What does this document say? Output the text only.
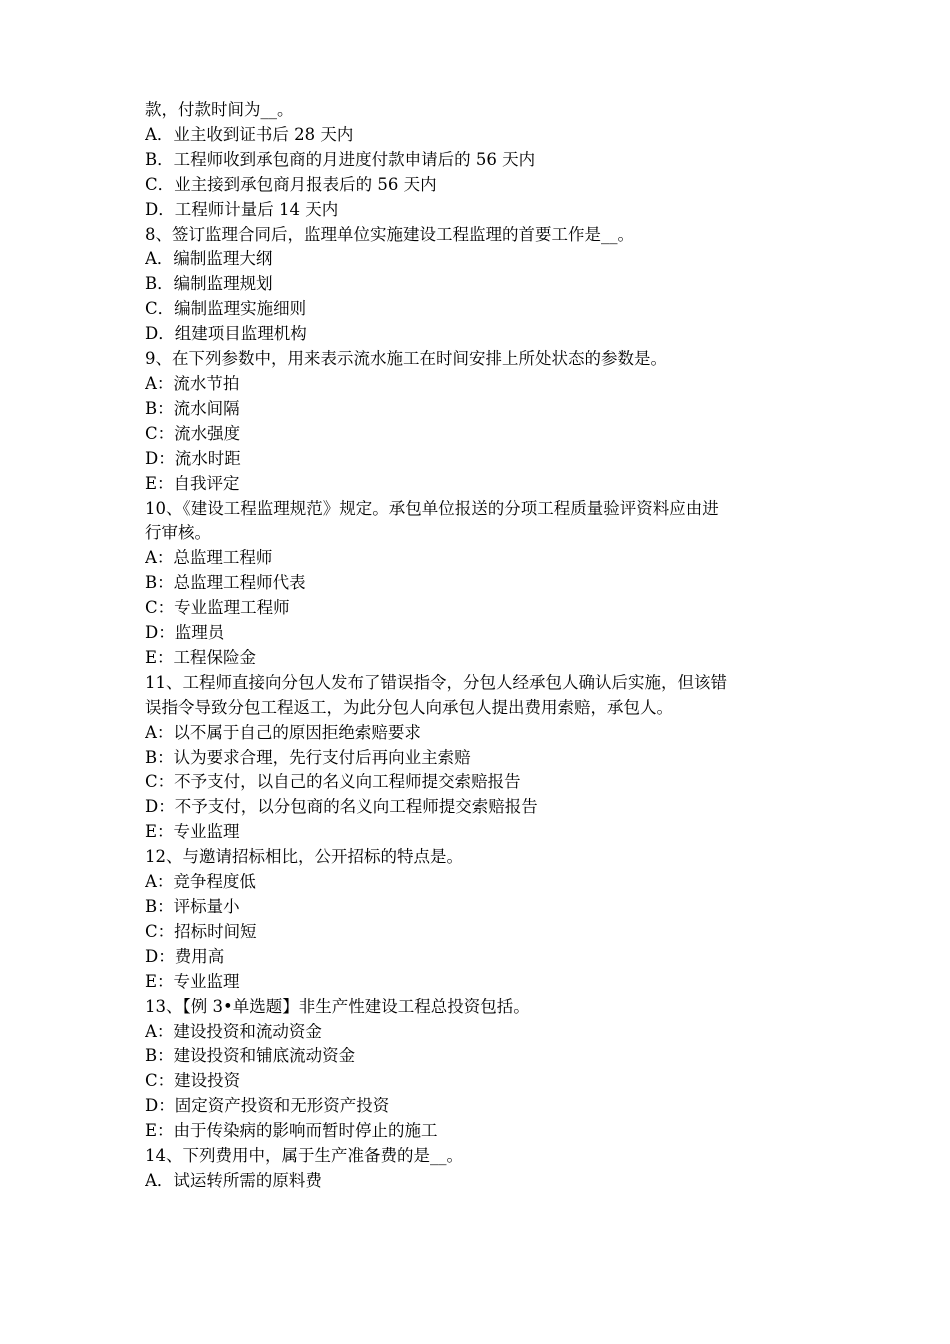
款，付款时间为__。
A．业主收到证书后 28 天内
B．工程师收到承包商的月进度付款申请后的 56 天内
C．业主接到承包商月报表后的 56 天内
D．工程师计量后 14 天内
8、签订监理合同后，监理单位实施建设工程监理的首要工作是__。
A．编制监理大纲
B．编制监理规划
C．编制监理实施细则
D．组建项目监理机构
9、在下列参数中，用来表示流水施工在时间安排上所处状态的参数是。
A：流水节拍
B：流水间隔
C：流水强度
D：流水时距
E：自我评定
10、《建设工程监理规范》规定。承包单位报送的分项工程质量验评资料应由进
行审核。
A：总监理工程师
B：总监理工程师代表
C：专业监理工程师
D：监理员
E：工程保险金
11、工程师直接向分包人发布了错误指令，分包人经承包人确认后实施，但该错
误指令导致分包工程返工，为此分包人向承包人提出费用索赔，承包人。
A：以不属于自己的原因拒绝索赔要求
B：认为要求合理，先行支付后再向业主索赔
C：不予支付，以自己的名义向工程师提交索赔报告
D：不予支付，以分包商的名义向工程师提交索赔报告
E：专业监理
12、与邀请招标相比，公开招标的特点是。
A：竞争程度低
B：评标量小
C：招标时间短
D：费用高
E：专业监理
13、【例 3•单选题】非生产性建设工程总投资包括。
A：建设投资和流动资金
B：建设投资和铺底流动资金
C：建设投资
D：固定资产投资和无形资产投资
E：由于传染病的影响而暂时停止的施工
14、下列费用中，属于生产准备费的是__。
A．试运转所需的原料费
